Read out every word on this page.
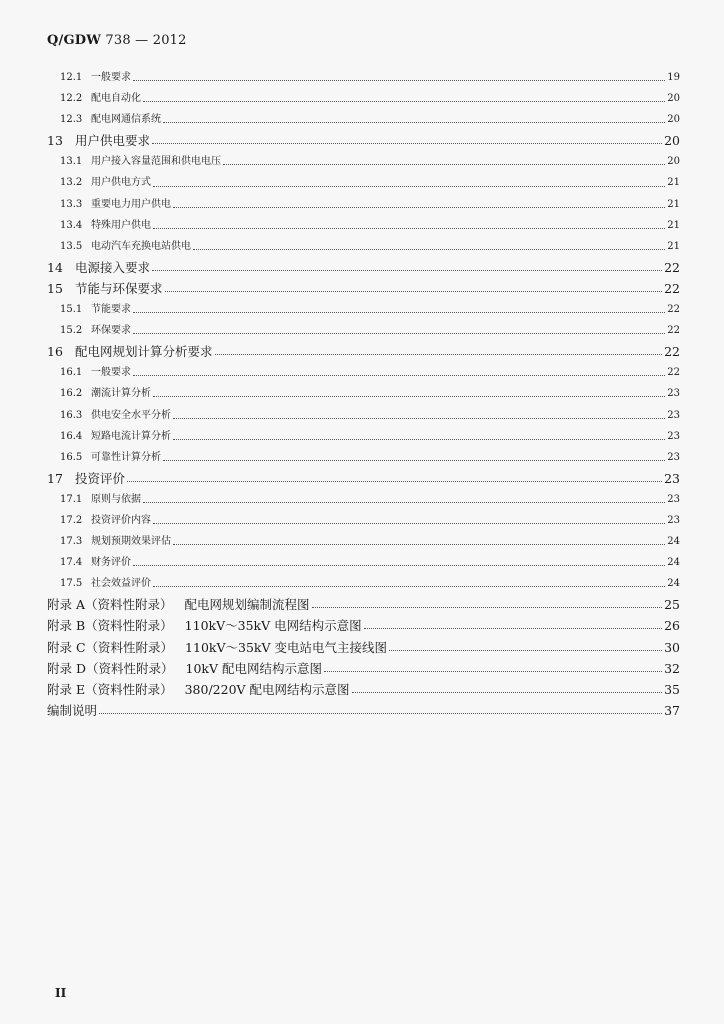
Q/GDW 738 — 2012
12.1 一般要求	19
12.2 配电自动化	20
12.3 配电网通信系统	20
13 用户供电要求	20
13.1 用户接入容量范围和供电电压	20
13.2 用户供电方式	21
13.3 重要电力用户供电	21
13.4 特殊用户供电	21
13.5 电动汽车充换电站供电	21
14 电源接入要求	22
15 节能与环保要求	22
15.1 节能要求	22
15.2 环保要求	22
16 配电网规划计算分析要求	22
16.1 一般要求	22
16.2 潮流计算分析	23
16.3 供电安全水平分析	23
16.4 短路电流计算分析	23
16.5 可靠性计算分析	23
17 投资评价	23
17.1 原则与依据	23
17.2 投资评价内容	23
17.3 规划预期效果评估	24
17.4 财务评价	24
17.5 社会效益评价	24
附录 A（资料性附录） 配电网规划编制流程图	25
附录 B（资料性附录） 110kV～35kV 电网结构示意图	26
附录 C（资料性附录） 110kV～35kV 变电站电气主接线图	30
附录 D（资料性附录） 10kV 配电网结构示意图	32
附录 E（资料性附录） 380/220V 配电网结构示意图	35
编制说明	37
II
